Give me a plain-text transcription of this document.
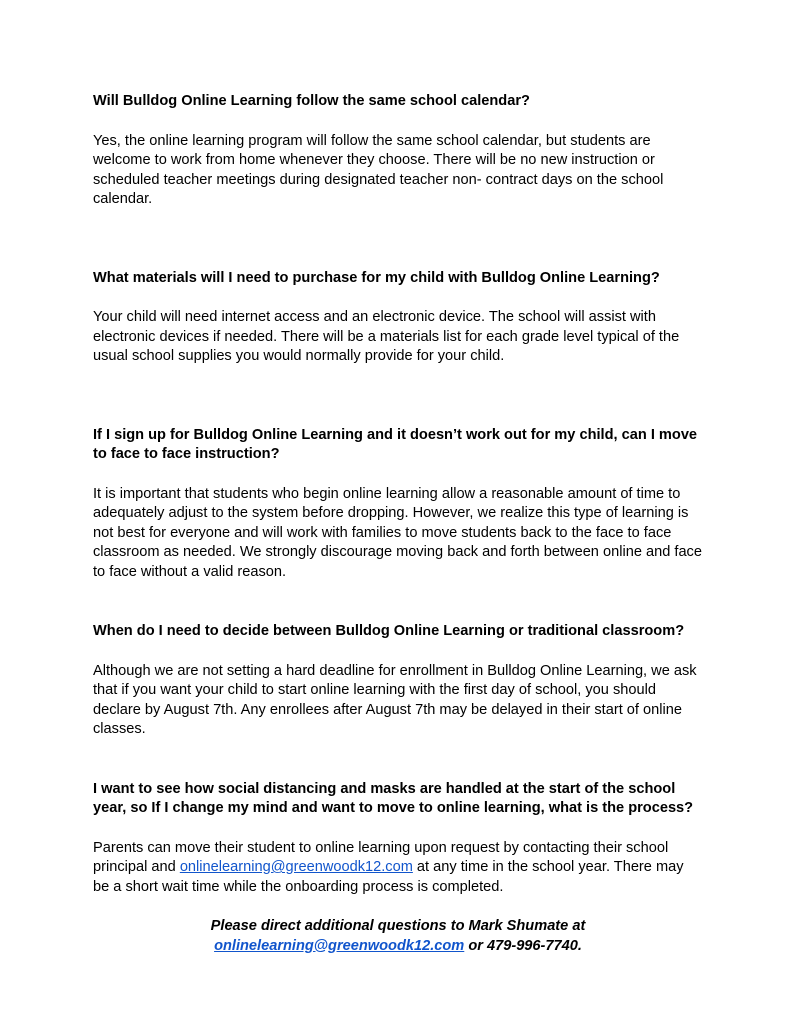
Will Bulldog Online Learning follow the same school calendar?

Yes, the online learning program will follow the same school calendar, but students are welcome to work from home whenever they choose. There will be no new instruction or scheduled teacher meetings during designated teacher non- contract days on the school calendar.

What materials will I need to purchase for my child with Bulldog Online Learning?

Your child will need internet access and an electronic device. The school will assist with electronic devices if needed. There will be a materials list for each grade level typical of the usual school supplies you would normally provide for your child.

If I sign up for Bulldog Online Learning and it doesn’t work out for my child, can I move to face to face instruction?

It is important that students who begin online learning allow a reasonable amount of time to adequately adjust to the system before dropping. However, we realize this type of learning is not best for everyone and will work with families to move students back to the face to face classroom as needed. We strongly discourage moving back and forth between online and face to face without a valid reason.

When do I need to decide between Bulldog Online Learning or traditional classroom?

Although we are not setting a hard deadline for enrollment in Bulldog Online Learning, we ask that if you want your child to start online learning with the first day of school, you should declare by August 7th. Any enrollees after August 7th may be delayed in their start of online classes.

I want to see how social distancing and masks are handled at the start of the school year, so If I change my mind and want to move to online learning, what is the process?

Parents can move their student to online learning upon request by contacting their school principal and onlinelearning@greenwoodk12.com at any time in the school year. There may be a short wait time while the onboarding process is completed.

Please direct additional questions to Mark Shumate at

onlinelearning@greenwoodk12.com or 479-996-7740.
